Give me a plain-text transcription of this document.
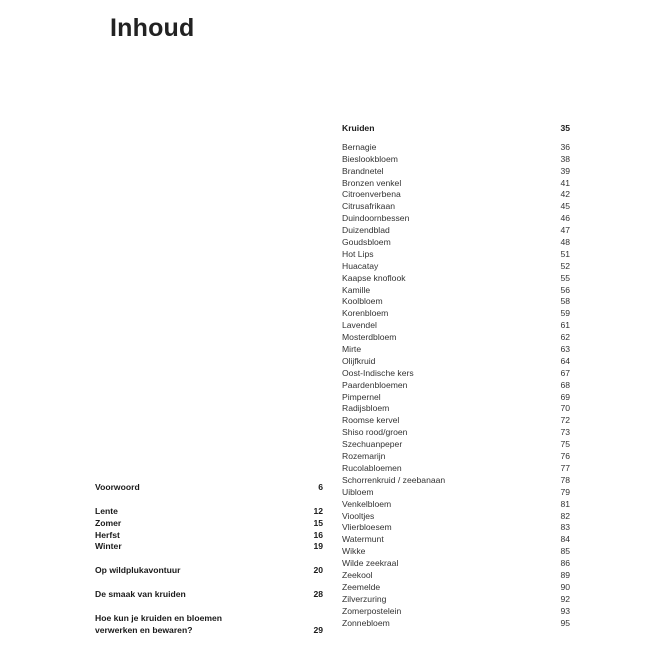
Inhoud
Voorwoord	6
Lente	12
Zomer	15
Herfst	16
Winter	19
Op wildplukavontuur	20
De smaak van kruiden	28
Hoe kun je kruiden en bloemen
verwerken en bewaren?	29
Kruiden	35
Bernagie	36
Bieslookbloem	38
Brandnetel	39
Bronzen venkel	41
Citroenverbena	42
Citrusafrikaan	45
Duindoornbessen	46
Duizendblad	47
Goudsbloem	48
Hot Lips	51
Huacatay	52
Kaapse knoflook	55
Kamille	56
Koolbloem	58
Korenbloem	59
Lavendel	61
Mosterdbloem	62
Mirte	63
Olijfkruid	64
Oost-Indische kers	67
Paardenbloemen	68
Pimpernel	69
Radijsbloem	70
Roomse kervel	72
Shiso rood/groen	73
Szechuanpeper	75
Rozemarijn	76
Rucolabloemen	77
Schorrenkruid / zeebanaan	78
Uibloem	79
Venkelbloem	81
Viooltjes	82
Vlierbloesem	83
Watermunt	84
Wikke	85
Wilde zeekraal	86
Zeekool	89
Zeemelde	90
Zilverzuring	92
Zomerpostelein	93
Zonnebloem	95
